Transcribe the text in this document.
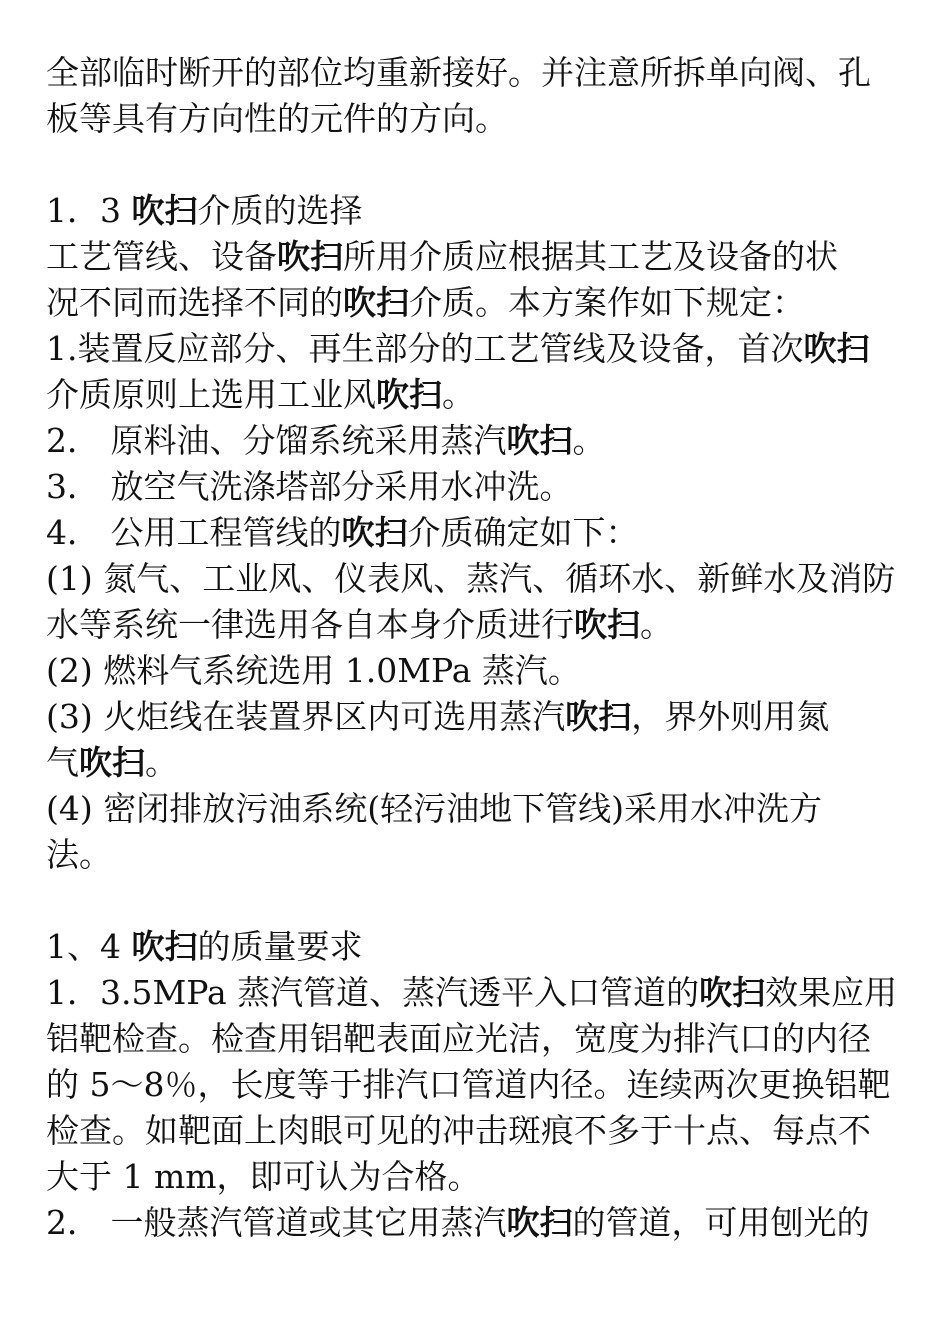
全部临时断开的部位均重新接好。并注意所拆单向阀、孔
板等具有方向性的元件的方向。
1．3 吹扫介质的选择
工艺管线、设备吹扫所用介质应根据其工艺及设备的状
况不同而选择不同的吹扫介质。本方案作如下规定：
1.装置反应部分、再生部分的工艺管线及设备，首次吹扫
介质原则上选用工业风吹扫。
2． 原料油、分馏系统采用蒸汽吹扫。
3． 放空气洗涤塔部分采用水冲洗。
4． 公用工程管线的吹扫介质确定如下：
(1) 氮气、工业风、仪表风、蒸汽、循环水、新鲜水及消防
水等系统一律选用各自本身介质进行吹扫。
(2) 燃料气系统选用 1.0MPa 蒸汽。
(3) 火炬线在装置界区内可选用蒸汽吹扫，界外则用氮
气吹扫。
(4) 密闭排放污油系统(轻污油地下管线)采用水冲洗方
法。
1、4 吹扫的质量要求
1．3.5MPa 蒸汽管道、蒸汽透平入口管道的吹扫效果应用
铝靶检查。检查用铝靶表面应光洁，宽度为排汽口的内径
的 5～8％，长度等于排汽口管道内径。连续两次更换铝靶
检查。如靶面上肉眼可见的冲击斑痕不多于十点、每点不
大于 1 mm，即可认为合格。
2． 一般蒸汽管道或其它用蒸汽吹扫的管道，可用刨光的
